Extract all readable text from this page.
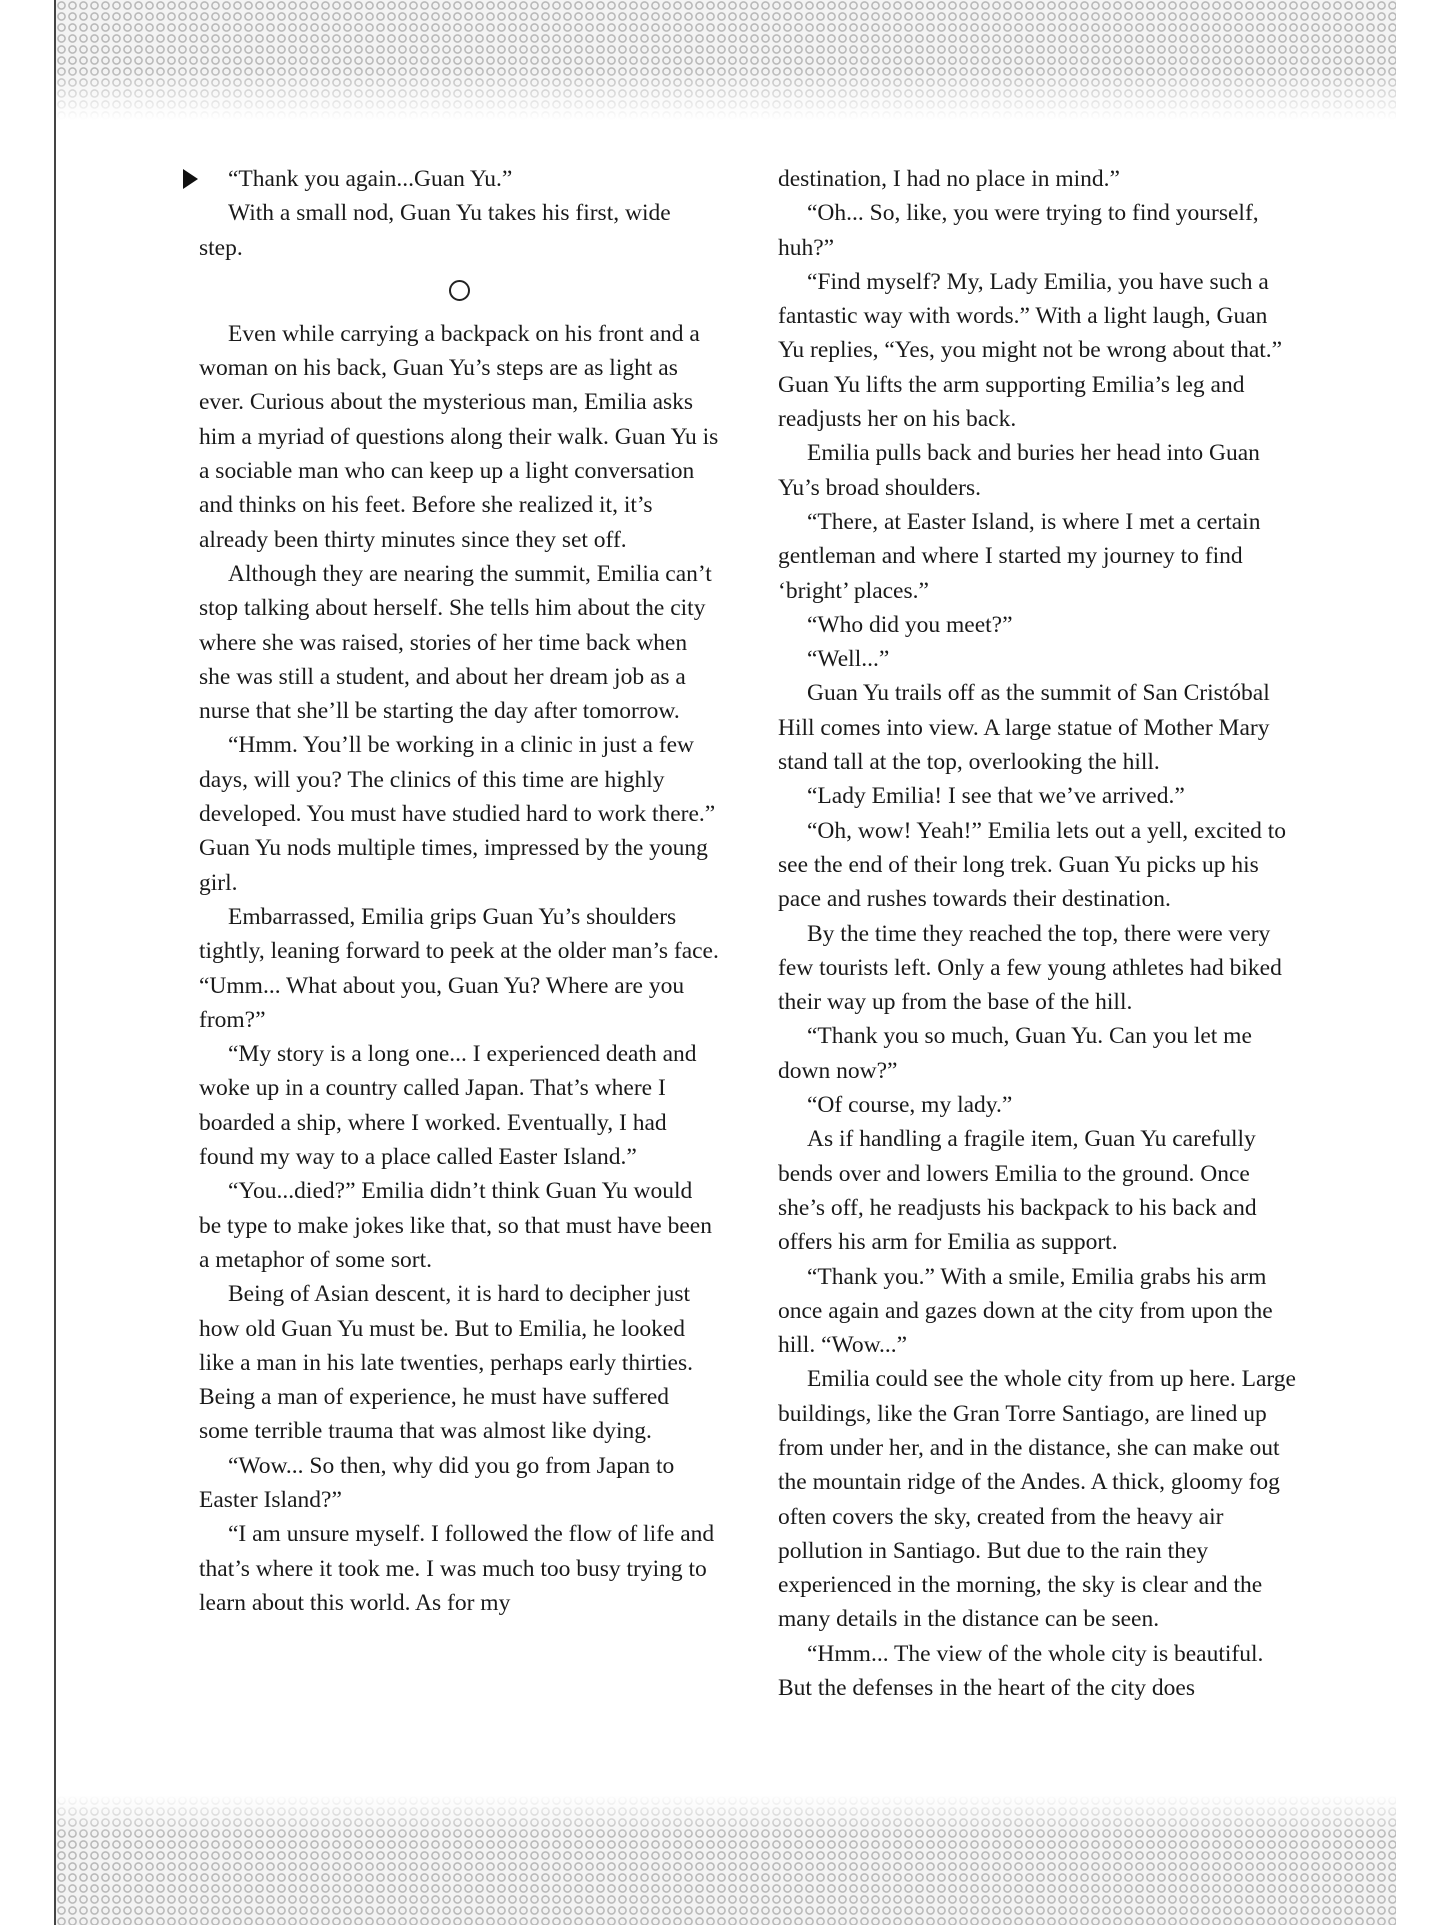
“Thank you again...Guan Yu.”

With a small nod, Guan Yu takes his first, wide step.

Even while carrying a backpack on his front and a woman on his back, Guan Yu’s steps are as light as ever. Curious about the mysterious man, Emilia asks him a myriad of questions along their walk. Guan Yu is a sociable man who can keep up a light conversation and thinks on his feet. Before she realized it, it’s already been thirty minutes since they set off.

Although they are nearing the summit, Emilia can’t stop talking about herself. She tells him about the city where she was raised, stories of her time back when she was still a student, and about her dream job as a nurse that she’ll be starting the day after tomorrow.

“Hmm. You’ll be working in a clinic in just a few days, will you? The clinics of this time are highly developed. You must have studied hard to work there.” Guan Yu nods multiple times, impressed by the young girl.

Embarrassed, Emilia grips Guan Yu’s shoulders tightly, leaning forward to peek at the older man’s face. “Umm... What about you, Guan Yu? Where are you from?”

“My story is a long one... I experienced death and woke up in a country called Japan. That’s where I boarded a ship, where I worked. Eventually, I had found my way to a place called Easter Island.”

“You...died?” Emilia didn’t think Guan Yu would be type to make jokes like that, so that must have been a metaphor of some sort.

Being of Asian descent, it is hard to decipher just how old Guan Yu must be. But to Emilia, he looked like a man in his late twenties, perhaps early thirties. Being a man of experience, he must have suffered some terrible trauma that was almost like dying.

“Wow... So then, why did you go from Japan to Easter Island?”

“I am unsure myself. I followed the flow of life and that’s where it took me. I was much too busy trying to learn about this world. As for my

destination, I had no place in mind.”

“Oh... So, like, you were trying to find yourself, huh?”

“Find myself? My, Lady Emilia, you have such a fantastic way with words.” With a light laugh, Guan Yu replies, “Yes, you might not be wrong about that.” Guan Yu lifts the arm supporting Emilia’s leg and readjusts her on his back.

Emilia pulls back and buries her head into Guan Yu’s broad shoulders.

“There, at Easter Island, is where I met a certain gentleman and where I started my journey to find ‘bright’ places.”

“Who did you meet?”

“Well...”

Guan Yu trails off as the summit of San Cristóbal Hill comes into view. A large statue of Mother Mary stand tall at the top, overlooking the hill.

“Lady Emilia! I see that we’ve arrived.”

“Oh, wow! Yeah!” Emilia lets out a yell, excited to see the end of their long trek. Guan Yu picks up his pace and rushes towards their destination.

By the time they reached the top, there were very few tourists left. Only a few young athletes had biked their way up from the base of the hill.

“Thank you so much, Guan Yu. Can you let me down now?”

“Of course, my lady.”

As if handling a fragile item, Guan Yu carefully bends over and lowers Emilia to the ground. Once she’s off, he readjusts his backpack to his back and offers his arm for Emilia as support.

“Thank you.” With a smile, Emilia grabs his arm once again and gazes down at the city from upon the hill. “Wow...”

Emilia could see the whole city from up here. Large buildings, like the Gran Torre Santiago, are lined up from under her, and in the distance, she can make out the mountain ridge of the Andes. A thick, gloomy fog often covers the sky, created from the heavy air pollution in Santiago. But due to the rain they experienced in the morning, the sky is clear and the many details in the distance can be seen.

“Hmm... The view of the whole city is beautiful. But the defenses in the heart of the city does
